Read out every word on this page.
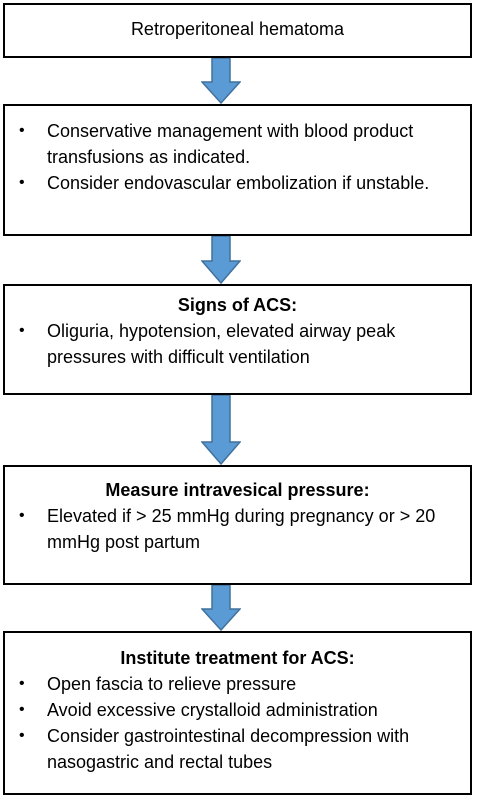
Retroperitoneal hematoma
• Conservative management with blood product transfusions as indicated.
• Consider endovascular embolization if unstable.
Signs of ACS:
• Oliguria, hypotension, elevated airway peak pressures with difficult ventilation
Measure intravesical pressure:
• Elevated if > 25 mmHg during pregnancy or > 20 mmHg post partum
Institute treatment for ACS:
• Open fascia to relieve pressure
• Avoid excessive crystalloid administration
• Consider gastrointestinal decompression with nasogastric and rectal tubes
